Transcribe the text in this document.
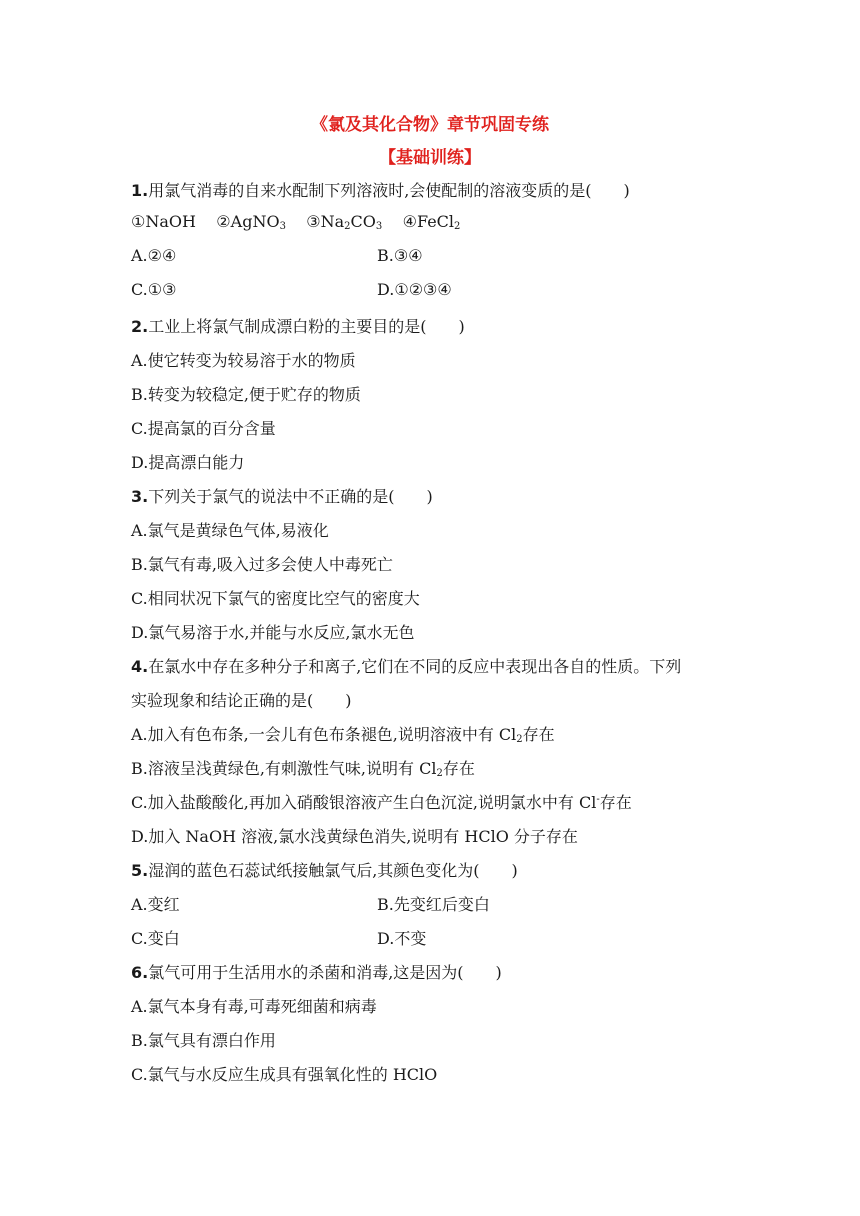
《氯及其化合物》章节巩固专练
【基础训练】
1.用氯气消毒的自来水配制下列溶液时,会使配制的溶液变质的是(　　)
①NaOH ②AgNO$_3$ $③Na_2CO_3$ ④FeCl$_2$
A.②④	B.③④
C.①③	D.①②③④
2.工业上将氯气制成漂白粉的主要目的是(　　)
A.使它转变为较易溶于水的物质
B.转变为较稳定,便于贮存的物质
C.提高氯的百分含量
D.提高漂白能力
3.下列关于氯气的说法中不正确的是(　　)
A.氯气是黄绿色气体,易液化
B.氯气有毒,吸入过多会使人中毒死亡
C.相同状况下氯气的密度比空气的密度大
D.氯气易溶于水,并能与水反应,氯水无色
4.在氯水中存在多种分子和离子,它们在不同的反应中表现出各自的性质。下列
实验现象和结论正确的是(　　)
A.加入有色布条,一会儿有色布条褪色,说明溶液中有 $Cl_2$存在
B.溶液呈浅黄绿色,有刺激性气味,说明有 $Cl_2$存在
C.加入盐酸酸化,再加入硝酸银溶液产生白色沉淀,说明氯水中有 Cl-存在
D.加入 NaOH 溶液,氯水浅黄绿色消失,说明有 HClO 分子存在
5.湿润的蓝色石蕊试纸接触氯气后,其颜色变化为(　　)
A.变红	B.先变红后变白
C.变白	D.不变
6.氯气可用于生活用水的杀菌和消毒,这是因为(　　)
A.氯气本身有毒,可毒死细菌和病毒
B.氯气具有漂白作用
C.氯气与水反应生成具有强氧化性的 HClO
